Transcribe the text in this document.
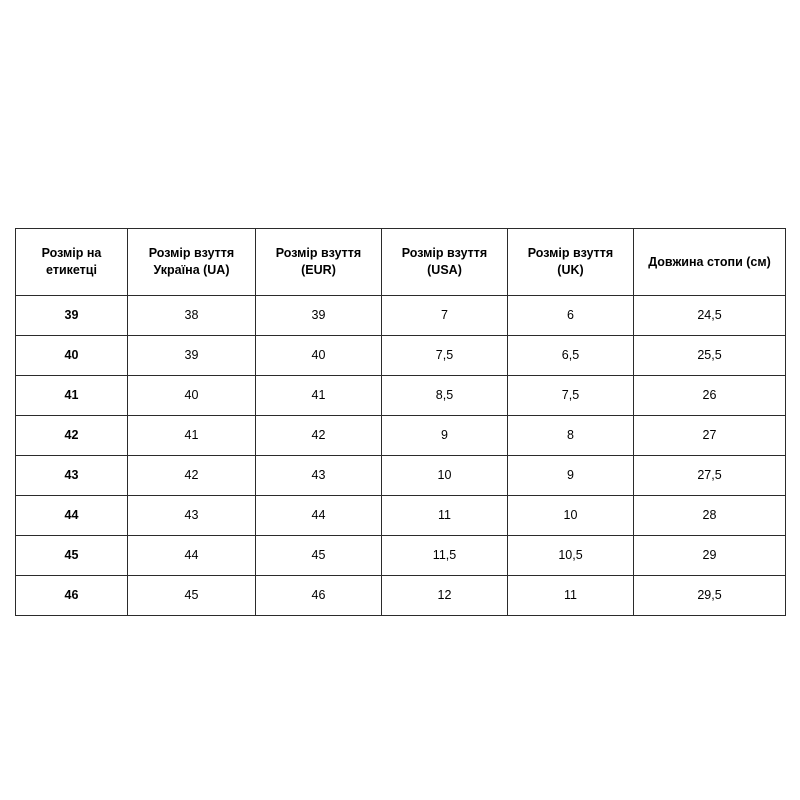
Розмір на етикетці	Розмір взуття Україна (UA)	Розмір взуття (EUR)	Розмір взуття (USA)	Розмір взуття (UK)	Довжина стопи (см)
39	38	39	7	6	24,5
40	39	40	7,5	6,5	25,5
41	40	41	8,5	7,5	26
42	41	42	9	8	27
43	42	43	10	9	27,5
44	43	44	11	10	28
45	44	45	11,5	10,5	29
46	45	46	12	11	29,5
